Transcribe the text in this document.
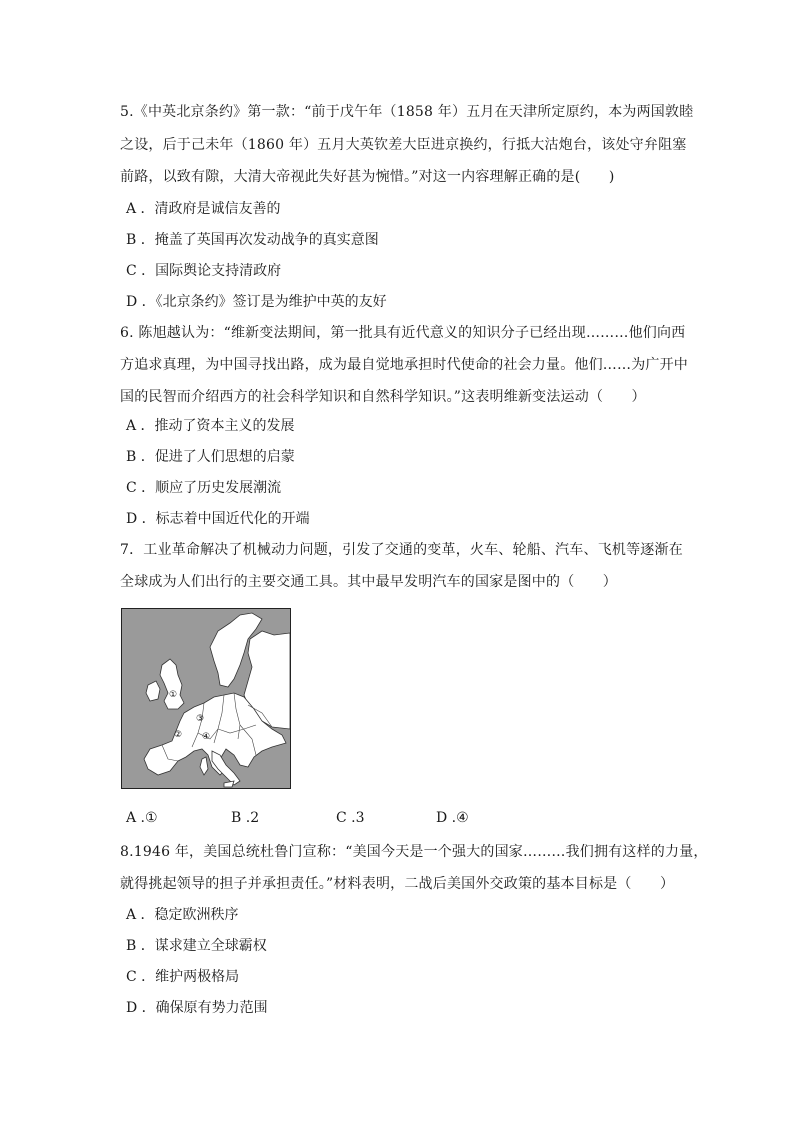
5.《中英北京条约》第一款：“前于戊午年（1858 年）五月在天津所定原约，本为两国敦睦
之设，后于己未年（1860 年）五月大英钦差大臣进京换约，行抵大沽炮台，该处守弁阻塞
前路，以致有隙，大清大帝视此失好甚为惋惜。”对这一内容理解正确的是(　　)
A ．清政府是诚信友善的
B ．掩盖了英国再次发动战争的真实意图
C ．国际舆论支持清政府
D ．《北京条约》签订是为维护中英的友好
6. 陈旭越认为：“维新变法期间，第一批具有近代意义的知识分子已经出现………他们向西
方追求真理，为中国寻找出路，成为最自觉地承担时代使命的社会力量。他们……为广开中
国的民智而介绍西方的社会科学知识和自然科学知识。”这表明维新变法运动（　　）
A ．推动了资本主义的发展
B ．促进了人们思想的启蒙
C ．顺应了历史发展潮流
D ．标志着中国近代化的开端
7．工业革命解决了机械动力问题，引发了交通的变革，火车、轮船、汽车、飞机等逐渐在
全球成为人们出行的主要交通工具。其中最早发明汽车的国家是图中的（　　）
①
②
③
④
A .①	B .2	C .3	D .④
8.1946 年，美国总统杜鲁门宣称：“美国今天是一个强大的国家………我们拥有这样的力量，
就得挑起领导的担子并承担责任。”材料表明，二战后美国外交政策的基本目标是（　　）
A ．稳定欧洲秩序
B ．谋求建立全球霸权
C ．维护两极格局
D ．确保原有势力范围
